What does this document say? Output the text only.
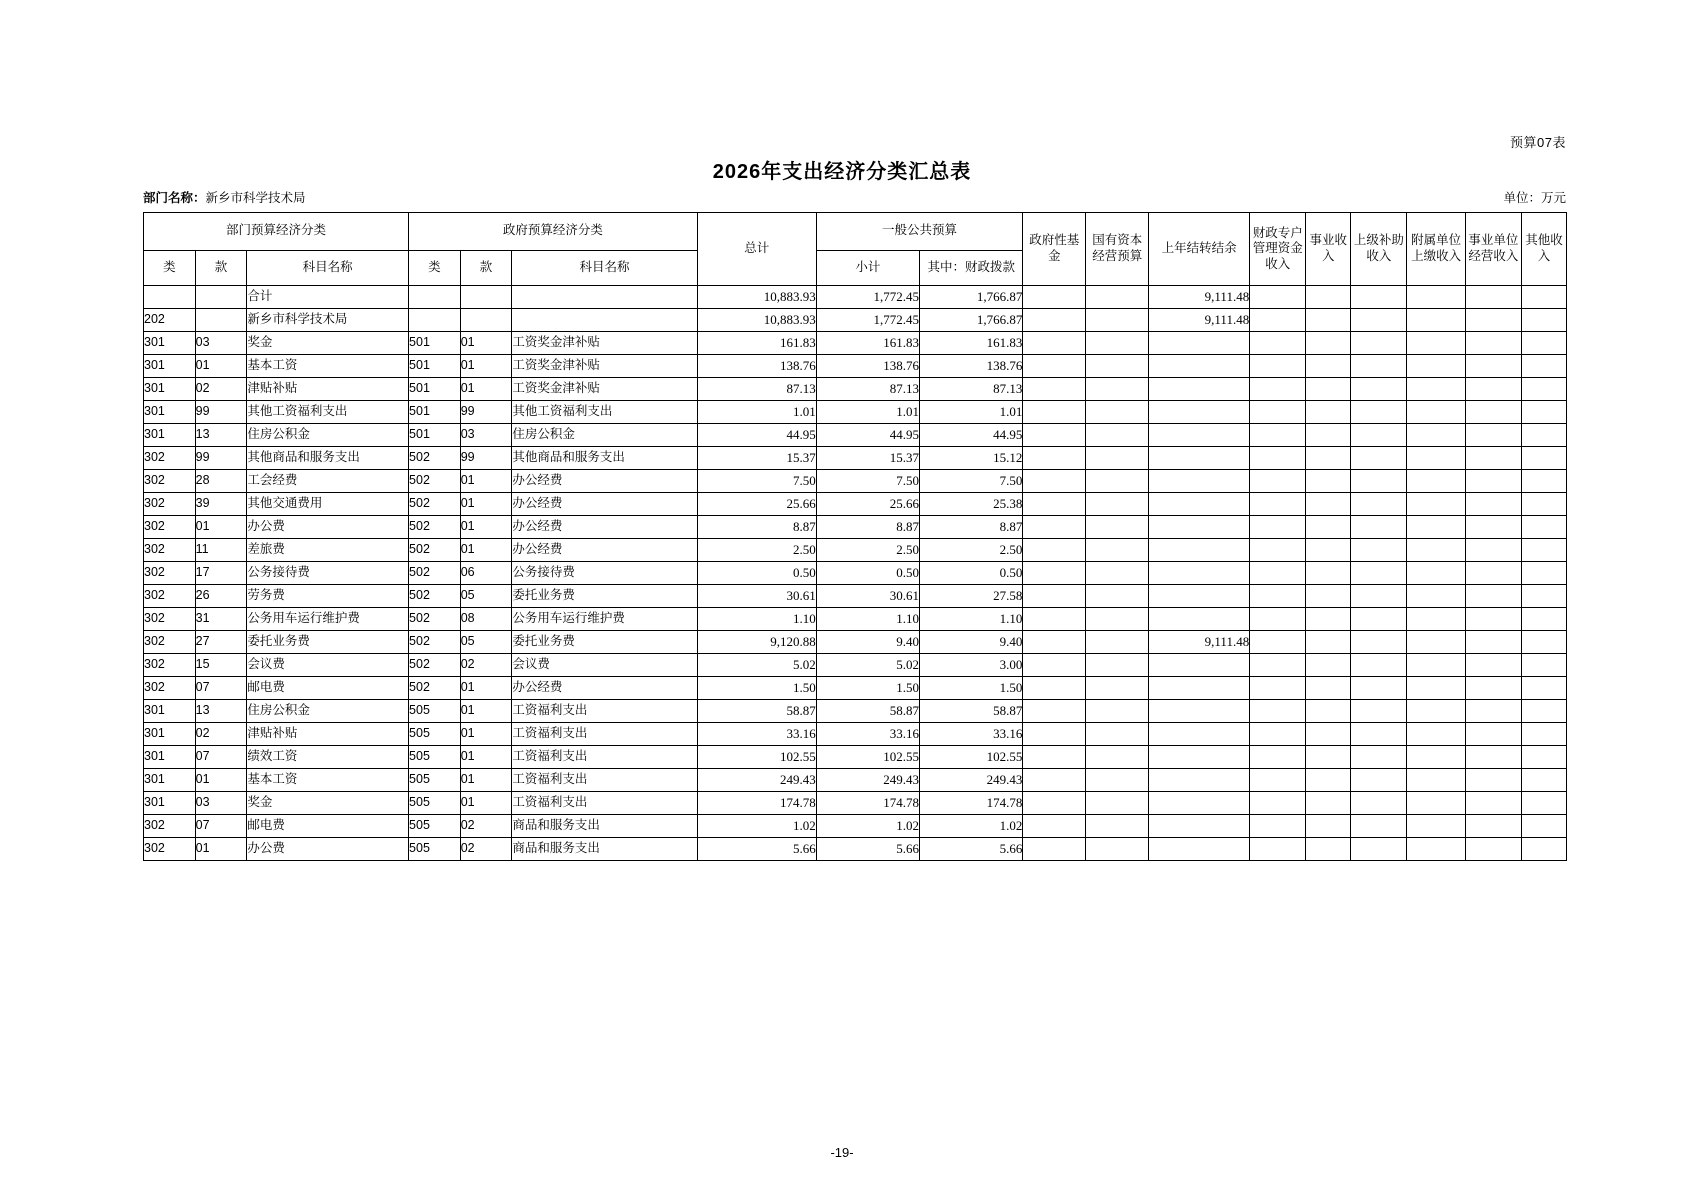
预算07表
2026年支出经济分类汇总表
部门名称：新乡市科学技术局	单位：万元
部门预算经济分类			政府预算经济分类			总计	一般公共预算		政府性基金	国有资本经营预算	上年结转结余	财政专户管理资金收入	事业收入	上级补助收入	附属单位上缴收入	事业单位经营收入	其他收入
类	款	科目名称	类	款	科目名称		小计	其中：财政拨款									
		合计				10,883.93	1,772.45	1,766.87			9,111.48						
202		新乡市科学技术局				10,883.93	1,772.45	1,766.87			9,111.48						
301	03	奖金	501	01	工资奖金津补贴	161.83	161.83	161.83									
301	01	基本工资	501	01	工资奖金津补贴	138.76	138.76	138.76									
301	02	津贴补贴	501	01	工资奖金津补贴	87.13	87.13	87.13									
301	99	其他工资福利支出	501	99	其他工资福利支出	1.01	1.01	1.01									
301	13	住房公积金	501	03	住房公积金	44.95	44.95	44.95									
302	99	其他商品和服务支出	502	99	其他商品和服务支出	15.37	15.37	15.12									
302	28	工会经费	502	01	办公经费	7.50	7.50	7.50									
302	39	其他交通费用	502	01	办公经费	25.66	25.66	25.38									
302	01	办公费	502	01	办公经费	8.87	8.87	8.87									
302	11	差旅费	502	01	办公经费	2.50	2.50	2.50									
302	17	公务接待费	502	06	公务接待费	0.50	0.50	0.50									
302	26	劳务费	502	05	委托业务费	30.61	30.61	27.58									
302	31	公务用车运行维护费	502	08	公务用车运行维护费	1.10	1.10	1.10									
302	27	委托业务费	502	05	委托业务费	9,120.88	9.40	9.40			9,111.48						
302	15	会议费	502	02	会议费	5.02	5.02	3.00									
302	07	邮电费	502	01	办公经费	1.50	1.50	1.50									
301	13	住房公积金	505	01	工资福利支出	58.87	58.87	58.87									
301	02	津贴补贴	505	01	工资福利支出	33.16	33.16	33.16									
301	07	绩效工资	505	01	工资福利支出	102.55	102.55	102.55									
301	01	基本工资	505	01	工资福利支出	249.43	249.43	249.43									
301	03	奖金	505	01	工资福利支出	174.78	174.78	174.78									
302	07	邮电费	505	02	商品和服务支出	1.02	1.02	1.02									
302	01	办公费	505	02	商品和服务支出	5.66	5.66	5.66									
-19-
